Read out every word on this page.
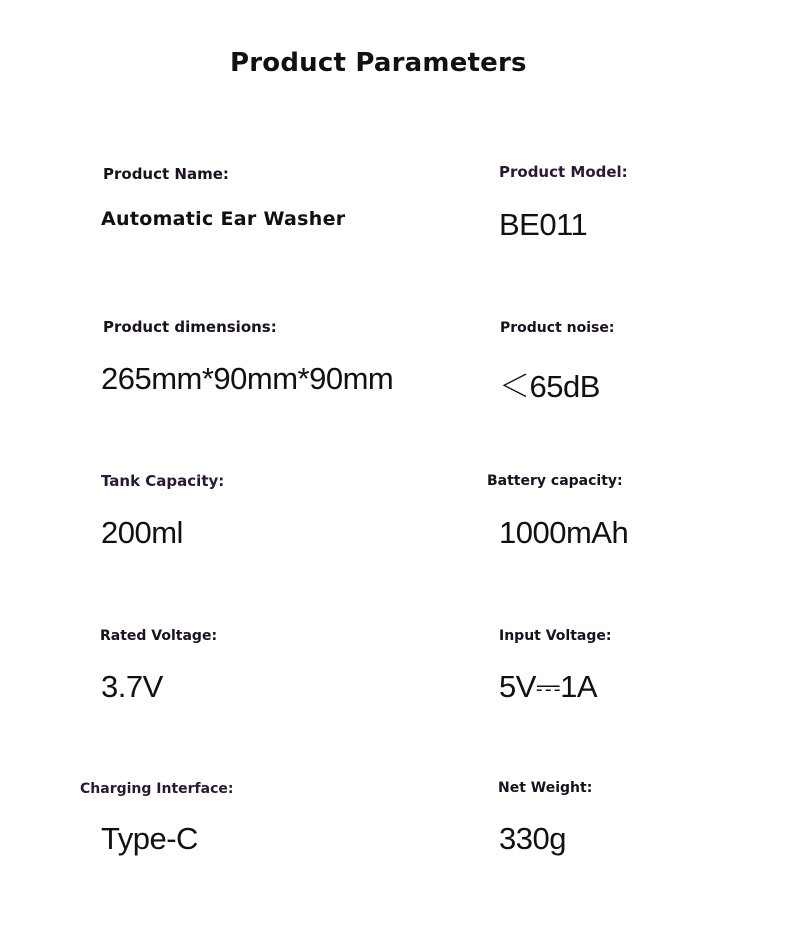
Product Parameters
Product Name:
Automatic Ear Washer
Product Model:
BE011
Product dimensions:
265mm*90mm*90mm
Product noise:
＜65dB
Tank Capacity:
200ml
Battery capacity:
1000mAh
Rated Voltage:
3.7V
Input Voltage:
5V⎓1A
Charging Interface:
Type-C
Net Weight:
330g
